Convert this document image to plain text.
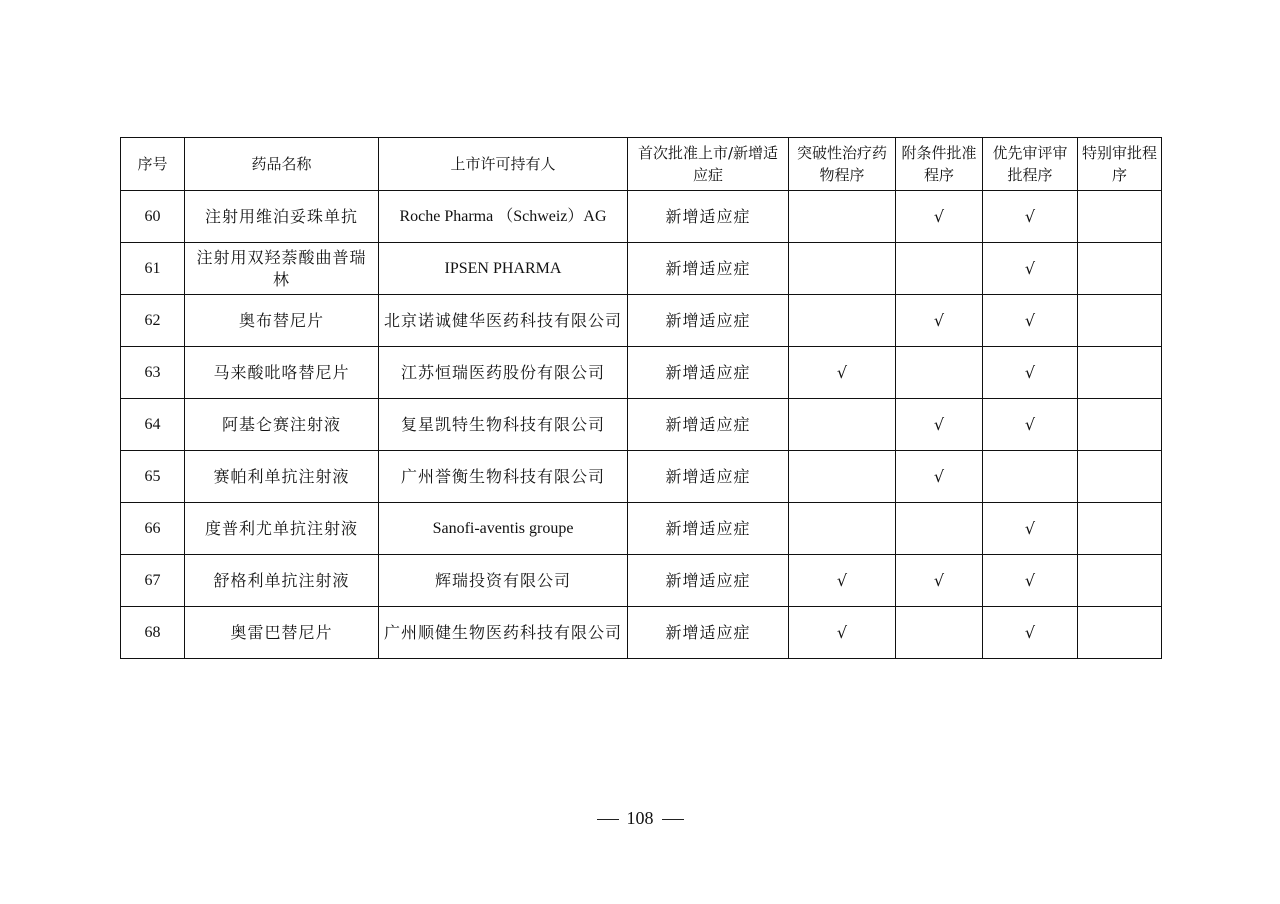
序号	药品名称	上市许可持有人	首次批准上市/新增适应症	突破性治疗药物程序	附条件批准程序	优先审评审批程序	特别审批程序
60	注射用维泊妥珠单抗	Roche Pharma （Schweiz）AG	新增适应症		√	√	
61	注射用双羟萘酸曲普瑞林	IPSEN PHARMA	新增适应症			√	
62	奥布替尼片	北京诺诚健华医药科技有限公司	新增适应症		√	√	
63	马来酸吡咯替尼片	江苏恒瑞医药股份有限公司	新增适应症	√		√	
64	阿基仑赛注射液	复星凯特生物科技有限公司	新增适应症		√	√	
65	赛帕利单抗注射液	广州誉衡生物科技有限公司	新增适应症		√		
66	度普利尤单抗注射液	Sanofi-aventis groupe	新增适应症			√	
67	舒格利单抗注射液	辉瑞投资有限公司	新增适应症	√	√	√	
68	奥雷巴替尼片	广州顺健生物医药科技有限公司	新增适应症	√		√	
108
